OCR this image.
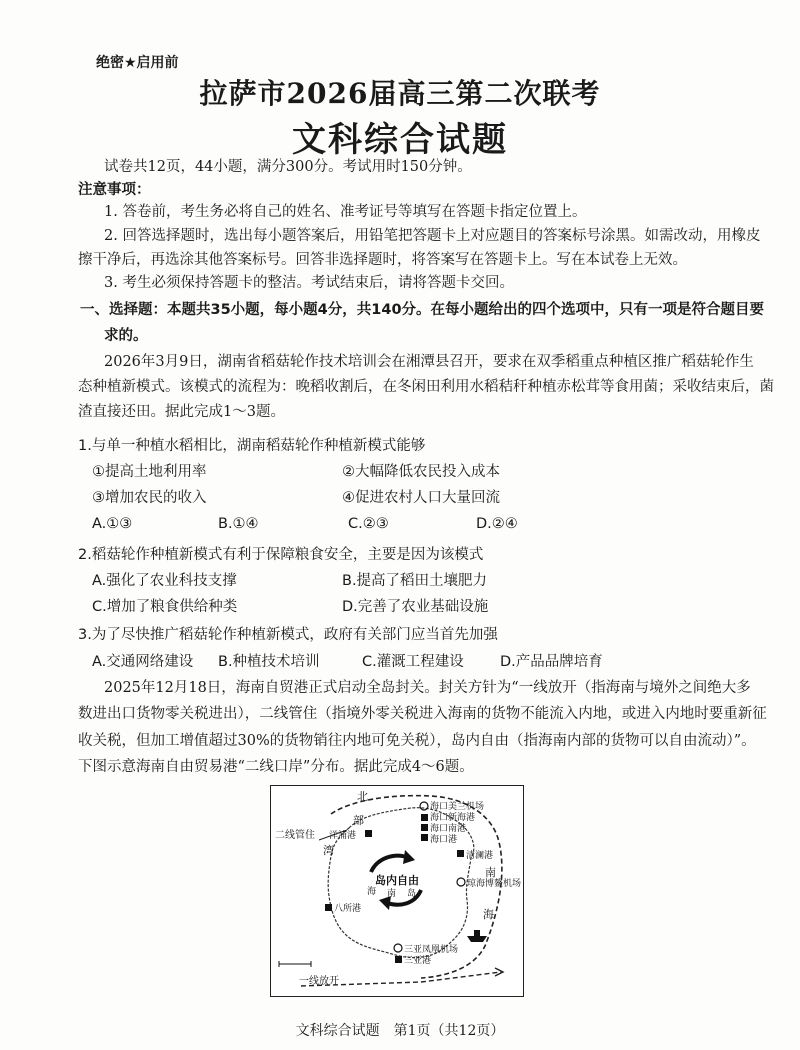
绝密★启用前
拉萨市2026届高三第二次联考
文科综合试题
试卷共12页，44小题，满分300分。考试用时150分钟。
注意事项：
1. 答卷前，考生务必将自己的姓名、准考证号等填写在答题卡指定位置上。
2. 回答选择题时，选出每小题答案后，用铅笔把答题卡上对应题目的答案标号涂黑。如需改动，用橡皮
擦干净后，再选涂其他答案标号。回答非选择题时，将答案写在答题卡上。写在本试卷上无效。
3. 考生必须保持答题卡的整洁。考试结束后，请将答题卡交回。
一、选择题：本题共35小题，每小题4分，共140分。在每小题给出的四个选项中，只有一项是符合题目要
求的。
2026年3月9日，湖南省稻菇轮作技术培训会在湘潭县召开，要求在双季稻重点种植区推广稻菇轮作生
态种植新模式。该模式的流程为：晚稻收割后，在冬闲田利用水稻秸秆种植赤松茸等食用菌；采收结束后，菌
渣直接还田。据此完成1～3题。
1.与单一种植水稻相比，湖南稻菇轮作种植新模式能够
①提高土地利用率	②大幅降低农民投入成本
③增加农民的收入	④促进农村人口大量回流
A.①③	B.①④	C.②③	D.②④
2.稻菇轮作种植新模式有利于保障粮食安全，主要是因为该模式
A.强化了农业科技支撑	B.提高了稻田土壤肥力
C.增加了粮食供给种类	D.完善了农业基础设施
3.为了尽快推广稻菇轮作种植新模式，政府有关部门应当首先加强
A.交通网络建设 B.种植技术培训	C.灌溉工程建设	D.产品品牌培育
2025年12月18日，海南自贸港正式启动全岛封关。封关方针为“一线放开（指海南与境外之间绝大多
数进出口货物零关税进出），二线管住（指境外零关税进入海南的货物不能流入内地，或进入内地时要重新征
收关税，但加工增值超过30%的货物销往内地可免关税），岛内自由（指海南内部的货物可以自由流动）”。
下图示意海南自由贸易港“二线口岸”分布。据此完成4～6题。
北
部
湾
二线管住
一线放开
岛内自由
南 岛
海
南
海
海口美兰机场
海口新海港
海口南港
海口港
清澜港
琼海博鳌机场
洋浦港
八所港
三亚凤凰机场
三亚港
文科综合试题　第1页（共12页）
